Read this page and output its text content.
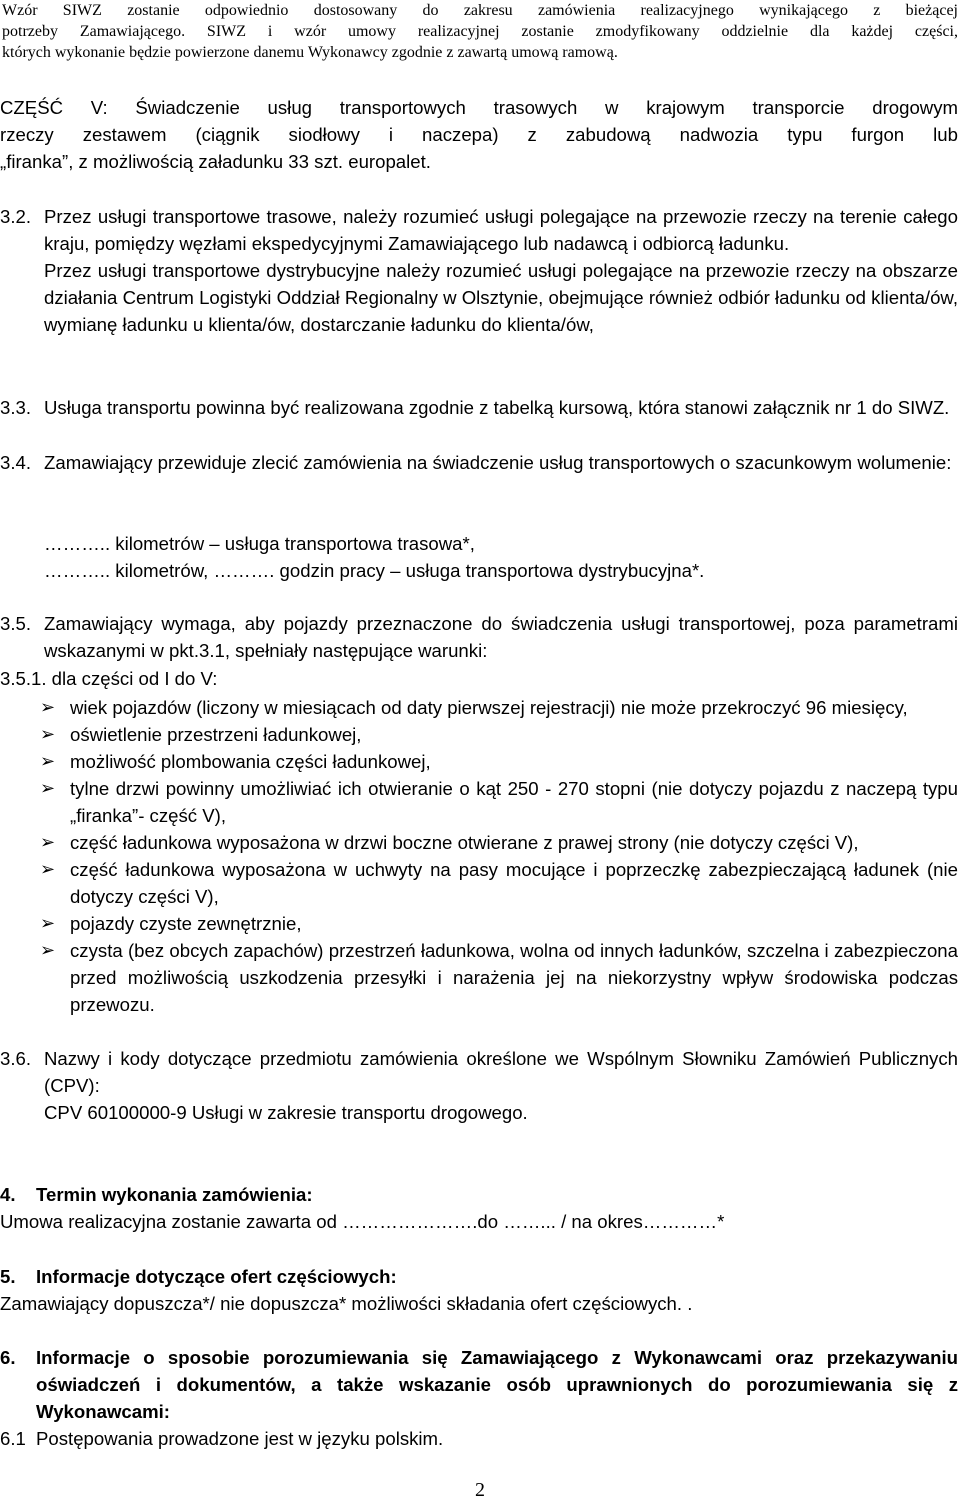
Wzór SIWZ zostanie odpowiednio dostosowany do zakresu zamówienia realizacyjnego wynikającego z bieżącej
potrzeby Zamawiającego. SIWZ i wzór umowy realizacyjnej zostanie zmodyfikowany oddzielnie dla każdej części,
których wykonanie będzie powierzone danemu Wykonawcy zgodnie z zawartą umową ramową.
CZĘŚĆ V: Świadczenie usług transportowych trasowych w krajowym transporcie drogowym
rzeczy zestawem (ciągnik siodłowy i naczepa) z zabudową nadwozia typu furgon lub
„firanka”, z możliwością załadunku 33 szt. europalet.
3.2. Przez usługi transportowe trasowe, należy rozumieć usługi polegające na przewozie rzeczy na terenie całego kraju, pomiędzy węzłami ekspedycyjnymi Zamawiającego lub nadawcą i odbiorcą ładunku.
Przez usługi transportowe dystrybucyjne należy rozumieć usługi polegające na przewozie rzeczy na obszarze działania Centrum Logistyki Oddział Regionalny w Olsztynie, obejmujące również odbiór ładunku od klienta/ów, wymianę ładunku u klienta/ów, dostarczanie ładunku do klienta/ów,
3.3. Usługa transportu powinna być realizowana zgodnie z tabelką kursową, która stanowi załącznik nr 1 do SIWZ.
3.4. Zamawiający przewiduje zlecić zamówienia na świadczenie usług transportowych o szacunkowym wolumenie:
……….. kilometrów – usługa transportowa trasowa*,
……….. kilometrów, ………. godzin pracy – usługa transportowa dystrybucyjna*.
3.5. Zamawiający wymaga, aby pojazdy przeznaczone do świadczenia usługi transportowej, poza parametrami wskazanymi w pkt.3.1, spełniały następujące warunki:
3.5.1. dla części od I do V:
➢ wiek pojazdów (liczony w miesiącach od daty pierwszej rejestracji) nie może przekroczyć 96 miesięcy,
➢ oświetlenie przestrzeni ładunkowej,
➢ możliwość plombowania części ładunkowej,
➢ tylne drzwi powinny umożliwiać ich otwieranie o kąt 250 - 270 stopni (nie dotyczy pojazdu z naczepą typu „firanka”- część V),
➢ część ładunkowa wyposażona w drzwi boczne otwierane z prawej strony (nie dotyczy części V),
➢ część ładunkowa wyposażona w uchwyty na pasy mocujące i poprzeczkę zabezpieczającą ładunek (nie dotyczy części V),
➢ pojazdy czyste zewnętrznie,
➢ czysta (bez obcych zapachów) przestrzeń ładunkowa, wolna od innych ładunków, szczelna i zabezpieczona przed możliwością uszkodzenia przesyłki i narażenia jej na niekorzystny wpływ środowiska podczas przewozu.
3.6. Nazwy i kody dotyczące przedmiotu zamówienia określone we Wspólnym Słowniku Zamówień Publicznych (CPV):
CPV 60100000-9 Usługi w zakresie transportu drogowego.
4.	Termin wykonania zamówienia:
Umowa realizacyjna zostanie zawarta od ………………….do ……... / na okres…………*
5.	Informacje dotyczące ofert częściowych:
Zamawiający dopuszcza*/ nie dopuszcza* możliwości składania ofert częściowych. .
6.	Informacje o sposobie porozumiewania się Zamawiającego z Wykonawcami oraz przekazywaniu oświadczeń i dokumentów, a także wskazanie osób uprawnionych do porozumiewania się z Wykonawcami:
6.1 Postępowania prowadzone jest w języku polskim.
2
